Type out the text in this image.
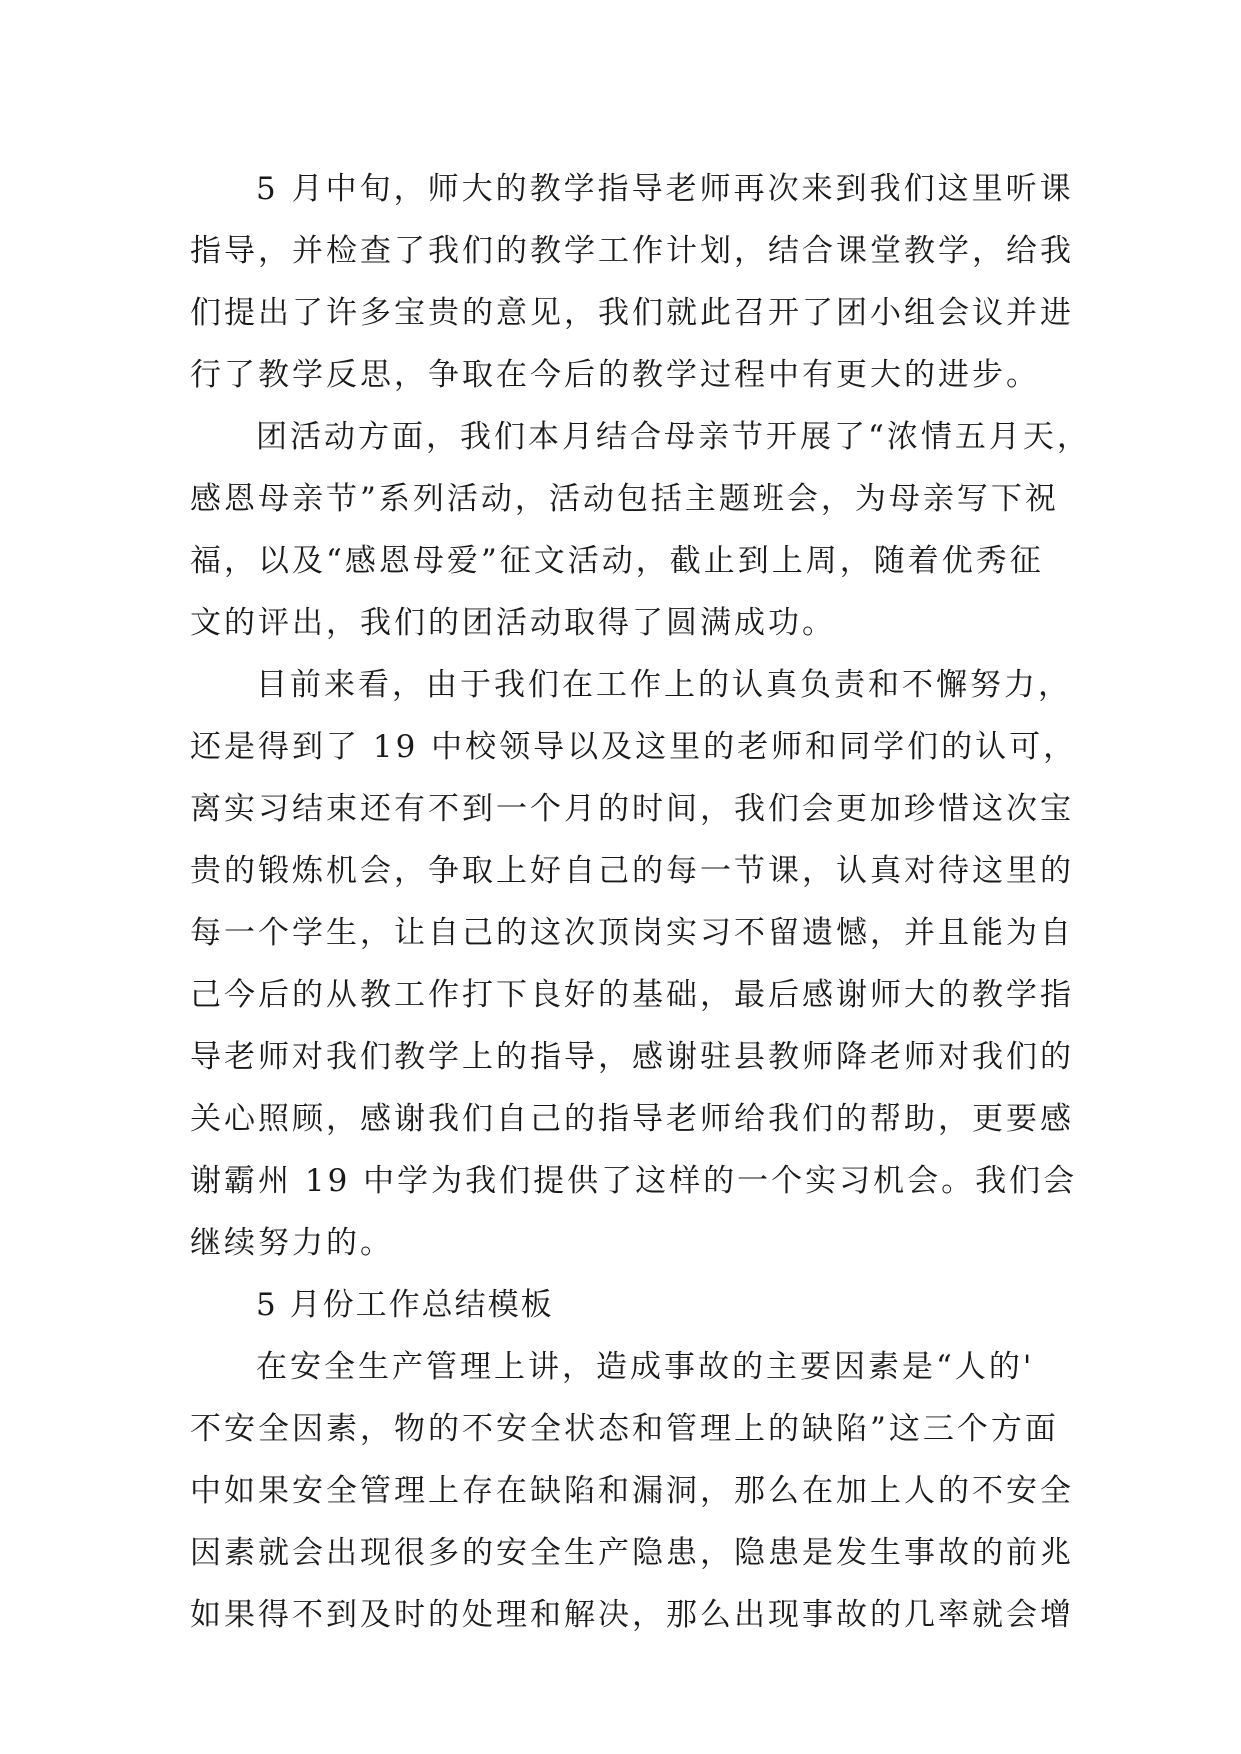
5 月中旬，师大的教学指导老师再次来到我们这里听课
指导，并检查了我们的教学工作计划，结合课堂教学，给我
们提出了许多宝贵的意见，我们就此召开了团小组会议并进
行了教学反思，争取在今后的教学过程中有更大的进步。
团活动方面，我们本月结合母亲节开展了“浓情五月天，
感恩母亲节”系列活动，活动包括主题班会，为母亲写下祝
福，以及“感恩母爱”征文活动，截止到上周，随着优秀征
文的评出，我们的团活动取得了圆满成功。
目前来看，由于我们在工作上的认真负责和不懈努力，
还是得到了 19 中校领导以及这里的老师和同学们的认可，
离实习结束还有不到一个月的时间，我们会更加珍惜这次宝
贵的锻炼机会，争取上好自己的每一节课，认真对待这里的
每一个学生，让自己的这次顶岗实习不留遗憾，并且能为自
己今后的从教工作打下良好的基础，最后感谢师大的教学指
导老师对我们教学上的指导，感谢驻县教师降老师对我们的
关心照顾，感谢我们自己的指导老师给我们的帮助，更要感
谢霸州 19 中学为我们提供了这样的一个实习机会。我们会
继续努力的。
5 月份工作总结模板
在安全生产管理上讲，造成事故的主要因素是“人的'
不安全因素，物的不安全状态和管理上的缺陷”这三个方面
中如果安全管理上存在缺陷和漏洞，那么在加上人的不安全
因素就会出现很多的安全生产隐患，隐患是发生事故的前兆
如果得不到及时的处理和解决，那么出现事故的几率就会增
